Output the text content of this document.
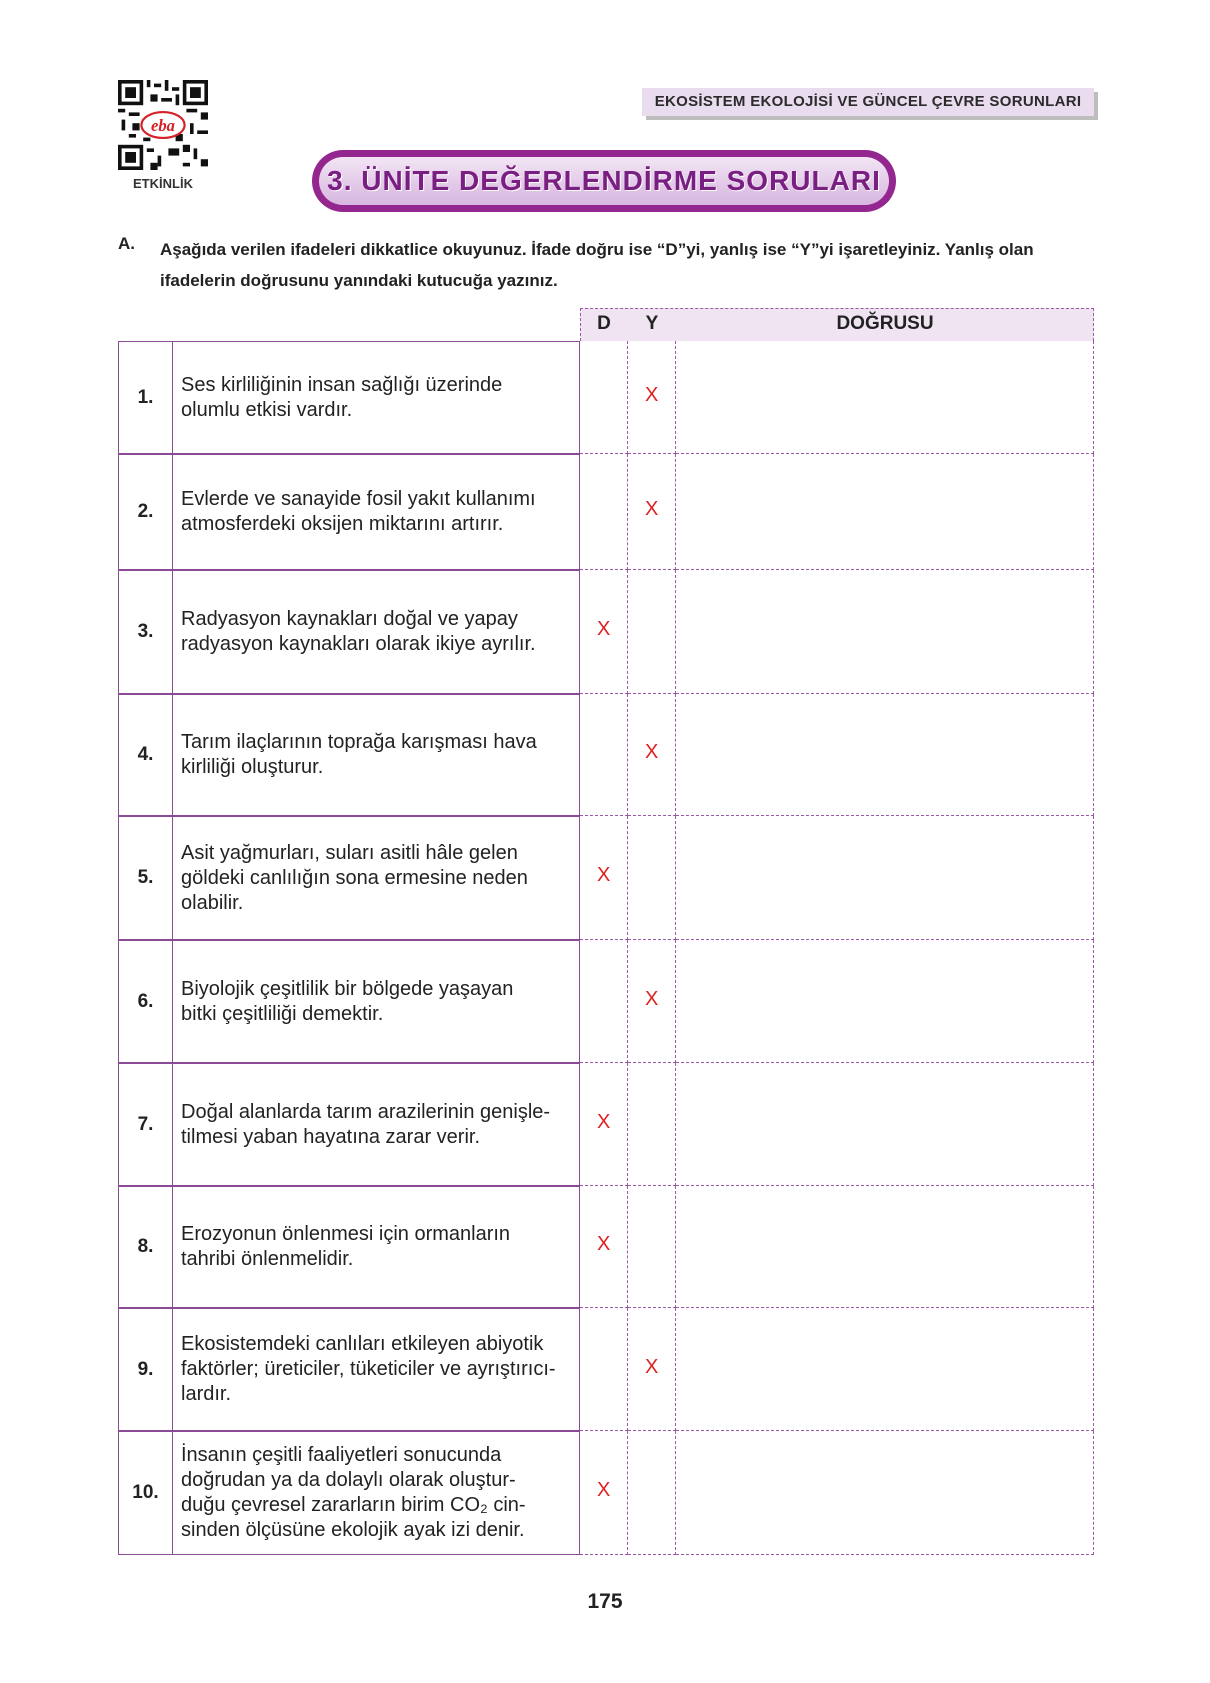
eba
ETKİNLİK
EKOSİSTEM EKOLOJİSİ VE GÜNCEL ÇEVRE SORUNLARI
3. ÜNİTE DEĞERLENDİRME SORULARI
A. Aşağıda verilen ifadeleri dikkatlice okuyunuz. İfade doğru ise “D”yi, yanlış ise “Y”yi işaretleyiniz. Yanlış olan ifadelerin doğrusunu yanındaki kutucuğa yazınız.
D	Y	DOĞRUSU
1.
Ses kirliliğinin insan sağlığı üzerinde
olumlu etkisi vardır.
X
2.
Evlerde ve sanayide fosil yakıt kullanımı
atmosferdeki oksijen miktarını artırır.
X
3.
Radyasyon kaynakları doğal ve yapay
radyasyon kaynakları olarak ikiye ayrılır.
X
4.
Tarım ilaçlarının toprağa karışması hava
kirliliği oluşturur.
X
5.
Asit yağmurları, suları asitli hâle gelen
göldeki canlılığın sona ermesine neden
olabilir.
X
6.
Biyolojik çeşitlilik bir bölgede yaşayan
bitki çeşitliliği demektir.
X
7.
Doğal alanlarda tarım arazilerinin genişle-
tilmesi yaban hayatına zarar verir.
X
8.
Erozyonun önlenmesi için ormanların
tahribi önlenmelidir.
X
9.
Ekosistemdeki canlıları etkileyen abiyotik
faktörler; üreticiler, tüketiciler ve ayrıştırıcı-
lardır.
X
10.
İnsanın çeşitli faaliyetleri sonucunda
doğrudan ya da dolaylı olarak oluştur-
duğu çevresel zararların birim CO₂ cin-
sinden ölçüsüne ekolojik ayak izi denir.
X
175
